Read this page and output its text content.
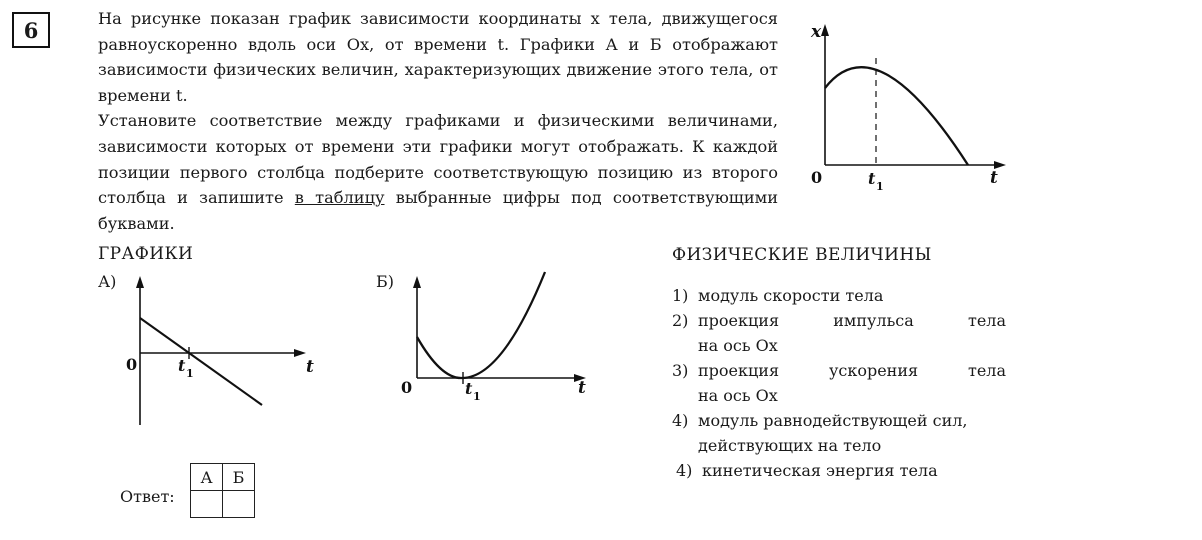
6	На рисунке показан график зависимости координаты x тела, движущегося равноускоренно вдоль оси Ox, от времени t. Графики А и Б отображают зависимости физических величин, характеризующих движение этого тела, от времени t.

Установите соответствие между графиками и физическими величинами, зависимости которых от времени эти графики могут отображать. К каждой позиции первого столбца подберите соответствующую позицию из второго столбца и запишите в таблицу выбранные цифры под соответствующими буквами.

x
t
0	t 1
ГРАФИКИ
А)	Б)
0	t 1	t
0	t 1	t
ФИЗИЧЕСКИЕ ВЕЛИЧИНЫ
1) модуль скорости тела
2) проекция импульса тела
на ось Ox
3) проекция ускорения тела
на ось Ox
4) модуль равнодействующей сил,
действующих на тело
4) кинетическая энергия тела
Ответ:
А	Б
